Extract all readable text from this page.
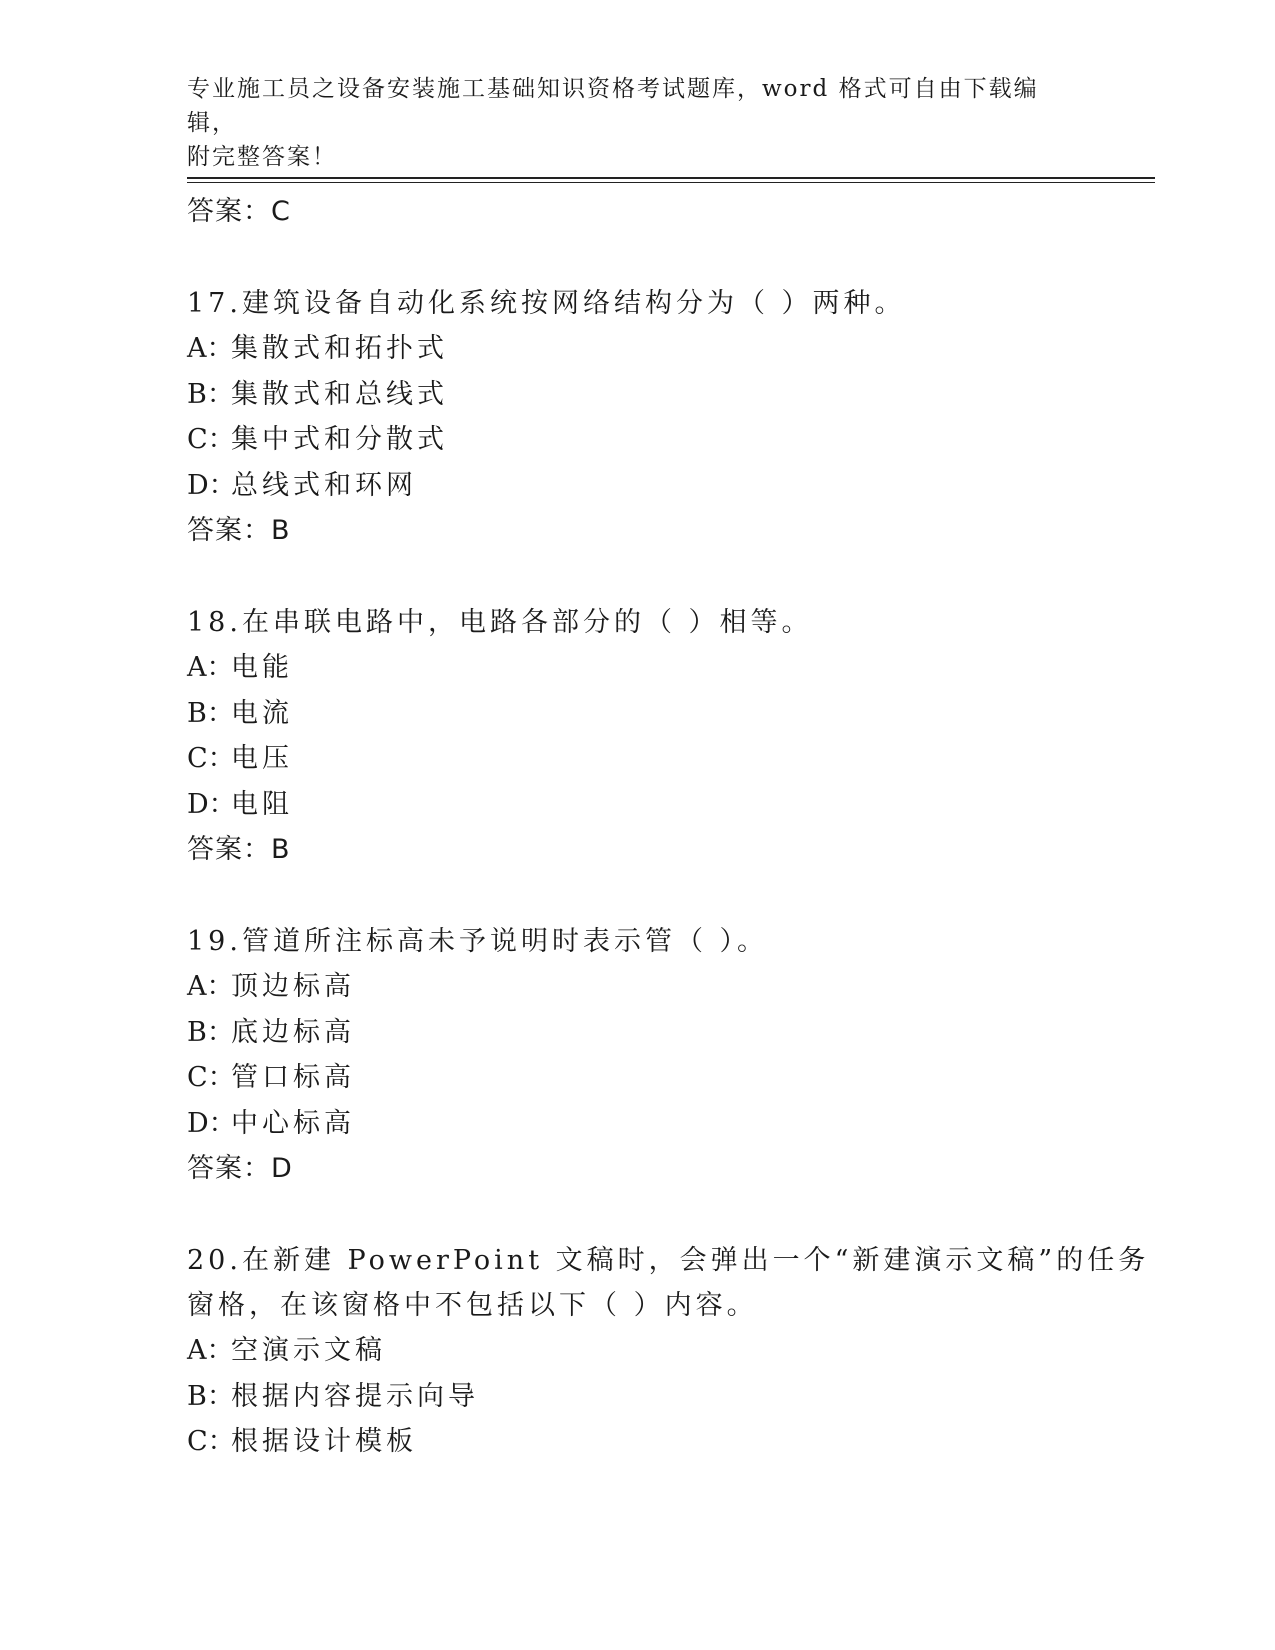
专业施工员之设备安装施工基础知识资格考试题库，word 格式可自由下载编辑，
附完整答案！
答案：C
17.建筑设备自动化系统按网络结构分为（ ）两种。
A：集散式和拓扑式
B：集散式和总线式
C：集中式和分散式
D：总线式和环网
答案：B
18.在串联电路中，电路各部分的（ ）相等。
A：电能
B：电流
C：电压
D：电阻
答案：B
19.管道所注标高未予说明时表示管（ ）。
A：顶边标高
B：底边标高
C：管口标高
D：中心标高
答案：D
20.在新建 PowerPoint 文稿时，会弹出一个“新建演示文稿”的任务
窗格，在该窗格中不包括以下（ ）内容。
A：空演示文稿
B：根据内容提示向导
C：根据设计模板
